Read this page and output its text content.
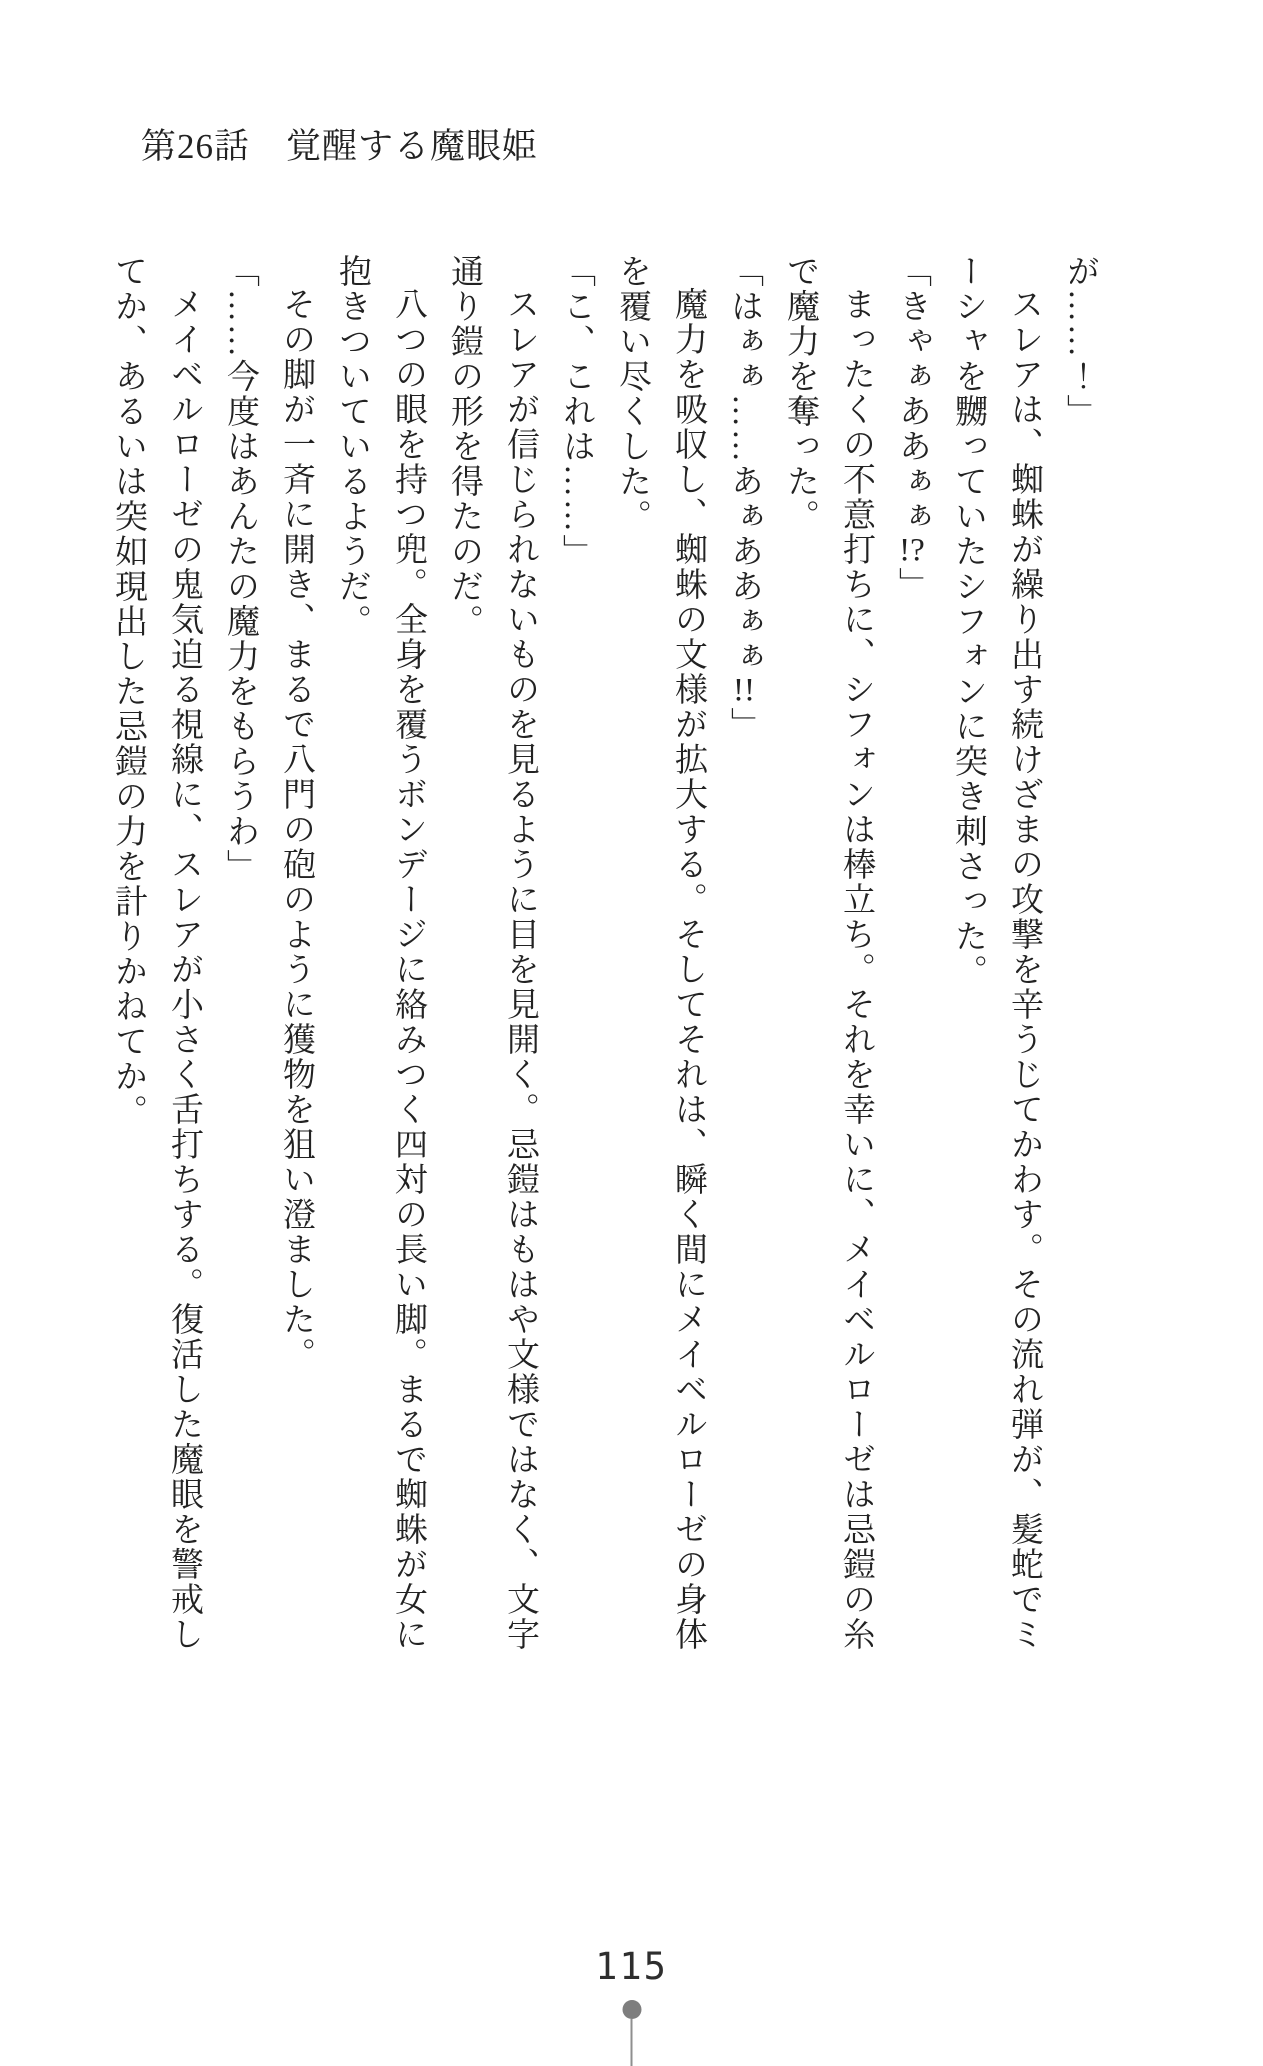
第26話　覚醒する魔眼姫

が……！」

スレアは、蜘蛛が繰り出す続けざまの攻撃を辛うじてかわす。その流れ弾が、髪蛇でミ

ーシャを嬲っていたシフォンに突き刺さった。

「きゃぁああぁぁ!?」

まったくの不意打ちに、シフォンは棒立ち。それを幸いに、メイベルローゼは忌鎧の糸

で魔力を奪った。

「はぁぁ……あぁああぁぁ!!」

魔力を吸収し、蜘蛛の文様が拡大する。そしてそれは、瞬く間にメイベルローゼの身体

を覆い尽くした。

「こ、これは……」

スレアが信じられないものを見るように目を見開く。忌鎧はもはや文様ではなく、文字

通り鎧の形を得たのだ。

八つの眼を持つ兜。全身を覆うボンデージに絡みつく四対の長い脚。まるで蜘蛛が女に

抱きついているようだ。

その脚が一斉に開き、まるで八門の砲のように獲物を狙い澄ました。

「……今度はあんたの魔力をもらうわ」

メイベルローゼの鬼気迫る視線に、スレアが小さく舌打ちする。復活した魔眼を警戒し

てか、あるいは突如現出した忌鎧の力を計りかねてか。

115
